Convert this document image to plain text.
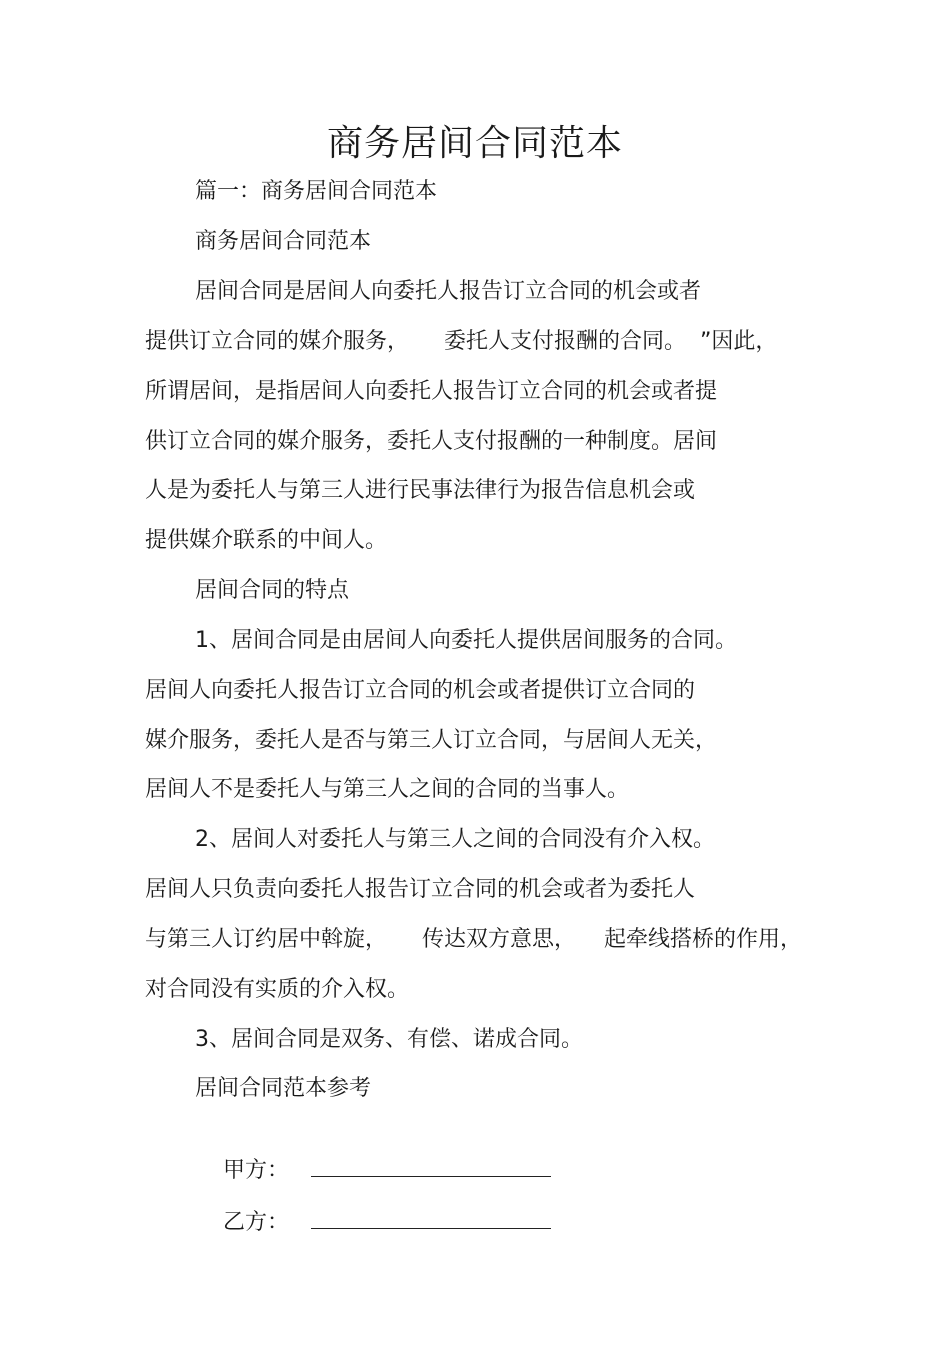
商务居间合同范本
篇一：商务居间合同范本
商务居间合同范本
居间合同是居间人向委托人报告订立合同的机会或者
提供订立合同的媒介服务，     委托人支付报酬的合同。  ”因此，
所谓居间，是指居间人向委托人报告订立合同的机会或者提
供订立合同的媒介服务，委托人支付报酬的一种制度。居间
人是为委托人与第三人进行民事法律行为报告信息机会或
提供媒介联系的中间人。
居间合同的特点
1、居间合同是由居间人向委托人提供居间服务的合同。
居间人向委托人报告订立合同的机会或者提供订立合同的
媒介服务，委托人是否与第三人订立合同，与居间人无关，
居间人不是委托人与第三人之间的合同的当事人。
2、居间人对委托人与第三人之间的合同没有介入权。
居间人只负责向委托人报告订立合同的机会或者为委托人
与第三人订约居中斡旋，     传达双方意思，    起牵线搭桥的作用，
对合同没有实质的介入权。
3、居间合同是双务、有偿、诺成合同。
居间合同范本参考

甲方：

乙方：
